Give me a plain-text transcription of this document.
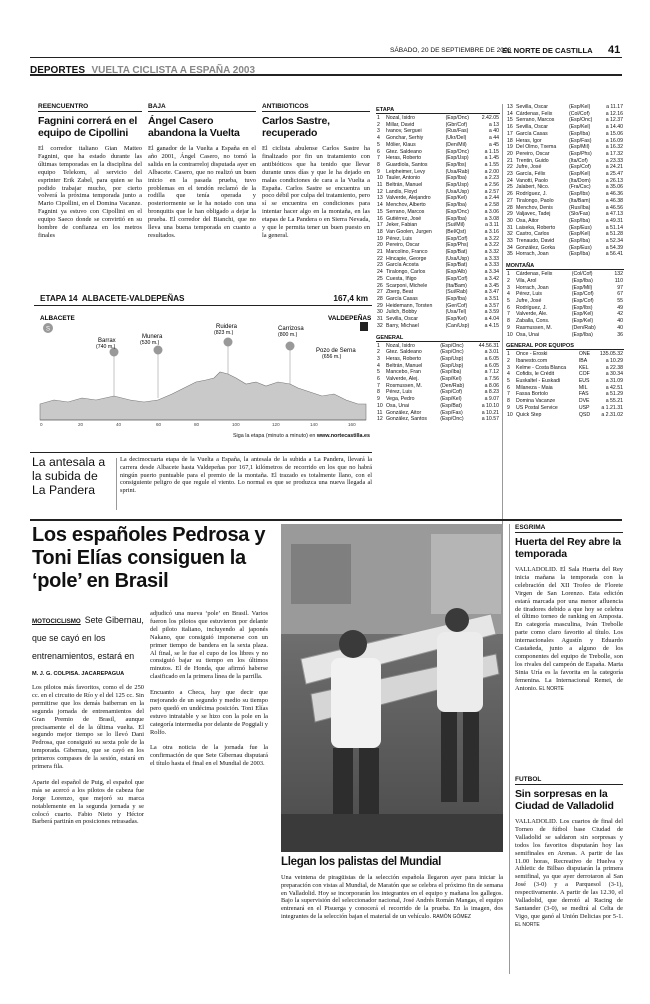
SÁBADO, 20 DE SEPTIEMBRE DE 2003
EL NORTE DE CASTILLA 41
DEPORTES VUELTA CICLISTA A ESPAÑA 2003
REENCUENTRO
Fagnini correrá en el equipo de Cipollini

El corredor italiano Gian Matteo Fagnini, que ha estado durante las últimas temporadas en la disciplina del equipo Telekom, al servicio del esprinter Erik Zabel, para quien se ha podido trabajar mucho, por cierto volverá la próxima temporada junto a Mario Cipollini, en el Domina Vacanze. Fagnini ya estuvo con Cipollini en el equipo Saeco donde se convirtió en su hombre de confianza en los metros finales

BAJA
Ángel Casero abandona la Vuelta

El ganador de la Vuelta a España en el año 2001, Ángel Casero, no tomó la salida en la contrarreloj disputada ayer en Albacete. Casero, que no realizó un buen inicio en la pasada prueba, tuvo problemas en el tendón reclamó de la rodilla que tenía operada y posteriormente se le ha notado con una bronquitis que le han obligado a dejar la prueba. El corredor del Bianchi, que no lleva una buena temporada en cuanto a resultados.

ANTIBIÓTICOS
Carlos Sastre, recuperado

El ciclista abulense Carlos Sastre ha finalizado por fin un tratamiento con antibióticos que ha tenido que llevar durante unos días y que le ha dejado en malas condiciones de cara a la Vuelta a España. Carlos Sastre se encuentra un poco débil por culpa del tratamiento, pero sí se encuentra en condiciones para intentar hacer algo en la montaña, en las etapas de La Pandera o en Sierra Nevada, y que le permita tener un buen puesto en la general.

ETAPA 14  ALBACETE-VALDEPEÑAS	167,4 km
ALBACETE	VALDEPEÑAS
S
Barrax
(740 m.)
Munera
(530 m.)
Ruidera
(823 m.)
Carrizosa
(800 m.)
Pozo de Serna
(656 m.)
0	20	40	60	80	100	120	140	160
Siga la etapa (minuto a minuto) en www.nortecastilla.es
La antesala a la subida de La Pandera

La decimocuarta etapa de la Vuelta a España, la antesala de la subida a La Pandera, llevará la carrera desde Albacete hasta Valdepeñas por 167,1 kilómetros de recorrido en los que no habrá ningún puerto puntuable para el premio de la montaña. El trazado es totalmente llano, con el consiguiente peligro de que regule el viento. Lo normal es que se produzca una nueva llegada al sprint.

ETAPA
1	Nozal, Isidro	(Esp/Onc)	2.42.05
2	Millar, David	(Gbr/Cof)	a 13
3	Ivanov, Serguei	(Rus/Fas)	a 40
4	Gonchar, Serhiy	(Ukr/Del)	a 44
5	Mölier, Klaus	(Den/Mil)	a 45
6	Gtez. Saldeano	(Esp/Onc)	a 1.15
7	Heras, Roberto	(Esp/Usp)	a 1.45
8	Guardiola, Santos	(Esp/Ibs)	a 1.55
9	Leipheimer, Levy	(Usa/Rab)	a 2.00
10	Tauler, Antonio	(Esp/Iba)	a 2.23
11	Beltrán, Manuel	(Esp/Usp)	a 2.56
12	Landis, Floyd	(Usa/Usp)	a 2.57
13	Valverde, Alejandro	(Esp/Kel)	a 2.44
14	Menchov, Alberto	(Esp/Iba)	a 2.58
15	Serrano, Marcos	(Esp/Onc)	a 3.06
16	Gutiérrez, José	(Esp/Iba)	a 3.08
17	Jeker, Fabian	(Sui/Mil)	a 3.11
18	Van Goolen, Jurgen	(Bel/Qst)	a 3.16
19	Pérez, Luis	(Esp/Cof)	a 3.22
20	Pereiro, Óscar	(Esp/Phs)	a 3.22
21	Marcolino, Franco	(Esp/Bat)	a 3.32
22	Hincapie, George	(Usa/Usp)	a 3.33
23	García Acosta	(Esp/Bat)	a 3.33
24	Tiralongo, Carlos	(Esp/Alb)	a 3.34
25	Cuesta, Iñigo	(Esp/Cof)	a 3.42
26	Scarponi, Michele	(Ita/Bam)	a 3.45
27	Zberg, Beat	(Sui/Rab)	a 3.47
28	García Casas	(Esp/Iba)	a 3.51
29	Heidemann, Torsten	(Ger/Cof)	a 3.57
30	Julich, Bobby	(Usa/Tel)	a 3.59
31	Sevilla, Óscar	(Esp/Kel)	a 4.04
32	Barry, Michael	(Can/Usp)	a 4.15
GENERAL
1	Nozal, Isidro	(Esp/Onc)	44.56.31
2	Gtez. Saldeano	(Esp/Onc)	a 3.01
3	Heras, Roberto	(Esp/Usp)	a 6.05
4	Beltrán, Manuel	(Esp/Usp)	a 6.05
5	Mancebo, Fran	(Esp/Iba)	a 7.12
6	Valverde, Alej.	(Esp/Kel)	a 7.56
7	Rosmussen, M.	(Den/Rab)	a 8.06
8	Pérez, Luis	(Esp/Cof)	a 8.23
9	Vega, Pedro	(Esp/Kel)	a 9.07
10	Osa, Unai	(Esp/Bat)	a 10.10
11	González, Aitor	(Esp/Fas)	a 10.21
12	González, Santos	(Esp/Onc)	a 10.57
13	Sevilla, Óscar	(Esp/Kel)	a 11.17
14	Cárdenas, Felix	(Col/Cof)	a 12.16
15	Serrano, Marcos	(Esp/Onc)	a 12.37
16	Sevilla, Óscar	(Esp/Kel)	a 14.40
17	García Casas	(Esp/Iba)	a 15.06
18	Heras, Igor	(Esp/Fas)	a 16.09
19	Del Olmo, Txema	(Esp/Mil)	a 16.32
20	Pereiro, Óscar	(Esp/Phs)	a 17.32
21	Trentin, Guido	(Ita/Cof)	a 23.33
22	Jufre, José	(Esp/Cof)	a 24.21
23	García, Félix	(Esp/Kel)	a 25.47
24	Vanotti, Paolo	(Ita/Dom)	a 26.13
25	Jalabert, Nico.	(Fra/Csc)	a 35.06
26	Rodríguez, J.	(Esp/Ibs)	a 46.36
27	Tiralongo, Paolo	(Ita/Bam)	a 46.38
28	Menchov, Denis	(Rus/Iba)	a 46.56
29	Valjavec, Tadej	(Slo/Fas)	a 47.13
30	Osa, Aitor	(Esp/Iba)	a 49.31
31	Laiseka, Roberto	(Esp/Eus)	a 51.14
32	Castro, Carlos	(Esp/Kel)	a 51.28
33	Trenaudo, David	(Esp/Iba)	a 52.34
34	González, Gorka	(Esp/Eus)	a 54.39
35	Horrach, Joan	(Esp/Iba)	a 56.41
MONTAÑA
1	Cárdenas, Felix	(Col/Cof)	132
2	Vila, Arol	(Esp/Iba)	110
3	Horrach, Joan	(Esp/Mil)	97
4	Pérez, Luis	(Esp/Cof)	67
5	Jufre, José	(Esp/Cof)	55
6	Rodríguez, J.	(Esp/Ibs)	49
7	Valverde, Ale.	(Esp/Kel)	42
8	Zaballa, Cons.	(Esp/Kel)	40
9	Rasmussen, M.	(Den/Rab)	40
10	Osa, Unai	(Esp/Iba)	36
GENERAL POR EQUIPOS
1	Once - Eroski	ONE	135.05.32
2	Ibanesto.com	IBA	a 10.29
3	Kelme - Costa Blanca	KEL	a 22.38
4	Cofidis, le Crédit	COF	a 30.34
5	Euskaltel - Euskadi	EUS	a 31.09
6	Milaneza - Maia	MIL	a 42.51
7	Fassa Bortolo	FAS	a 51.29
8	Domina Vacanze	DVE	a 55.21
9	US Postal Service	USP	a 1.21.31
10	Quick Step	QSD	a 2.31.02
Los españoles Pedrosa y Toni Elías consiguen la ‘pole’ en Brasil
MOTOCICLISMO Sete Gibernau, que se cayó en los entrenamientos, estará en
M. J. G. COLPISA. JACAREPAGUÁ

Los pilotos más favoritos, como el de 250 cc. en el circuito de Río y el del 125 cc. Sin permitirse que los demás baiberran en la segunda jornada de entrenamientos del Gran Premio de Brasil, aunque precisamente el de la última vuelta. El segundo mejor tiempo se lo llevó Dani Pedrosa, que consiguió su sexta pole de la temporada. Gibernau, que se cayó en los primeros compases de la sesión, estará en primera fila.

Aparte del español de Puig, el español que más se acercó a los pilotos de cabeza fue Jorge Lorenzo, que mejoró su marca notablemente en la segunda jornada y se colocó cuarto. Fabio Nieto y Héctor Barberá partirán en posiciones retrasadas.

adjudicó una nueva ‘pole’ en Brasil. Varios fueron los pilotos que estuvieron por delante del piloto italiano, incluyendo al japonés Nakano, que consiguió imponerse con un primer tiempo de bandera en la sexta plaza. Al final, se le fue el cupo de los libres y no consiguió bajar su tiempo en los últimos minutos. El de Honda, que afirmó haberse clasificado en la primera línea de la parrilla.

Encuanto a Checa, hay que decir que mejorando de un segundo y medio su tiempo pero quedó en undécima posición. Toni Elías estuvo intratable y se hizo con la pole en la categoría intermedia por delante de Poggiali y Rolfo.

La otra noticia de la jornada fue la confirmación de que Sete Gibernau disputará el título hasta el final en el Mundial de 2003.

Llegan los palistas del Mundial

Una veintena de piragüistas de la selección española llegaron ayer para iniciar la preparación con vistas al Mundial, de Maratón que se celebra el próximo fin de semana en Valladolid. Hoy se incorporarán los integrantes en el equipo y mañana los gallegos. Bajo la supervisión del seleccionador nacional, José Andrés Román Mangas, el equipo entrenará en el Pisuerga y conocerá el recorrido de la prueba. En la imagen, dos integrantes de la selección bajan el material de un vehículo. RAMÓN GÓMEZ

ESGRIMA
Huerta del Rey abre la temporada

VALLADOLID. El Sala Huerta del Rey inicia mañana la temporada con la celebración del XII Trofeo de Florete Virgen de San Lorenzo. Esta edición estará marcada por una menor afluencia de tiradores debido a que hoy se celebra el último torneo de ranking en Amposta. En categoría masculina, Iván Trebolle parte como claro favorito al título. Los internacionales Agustín y Eduardo Castañeda, junto a alguno de los componentes del equipo de Trebolle, son los rivales del campeón de España. Marta Sinia Uría es la favorita en la categoría femenina. La Internacional Remei, de Antonio. EL NORTE

FÚTBOL
Sin sorpresas en la Ciudad de Valladolid

VALLADOLID. Los cuartos de final del Torneo de fútbol base Ciudad de Valladolid se saldaron sin sorpresas y todos los favoritos disputarán hoy las semifinales en Arenas. A partir de las 11.00 horas, Recreativo de Huelva y Athletic de Bilbao disputarán la primera semifinal, ya que ayer derrotaron al San José (3-0) y a Parquesol (3-1), respectivamente. A partir de las 12.30, el Valladolid, que derrotó al Racing de Santander (3-0), se medirá al Celta de Vigo, que ganó al Unión Delicias por 5-1. EL NORTE
